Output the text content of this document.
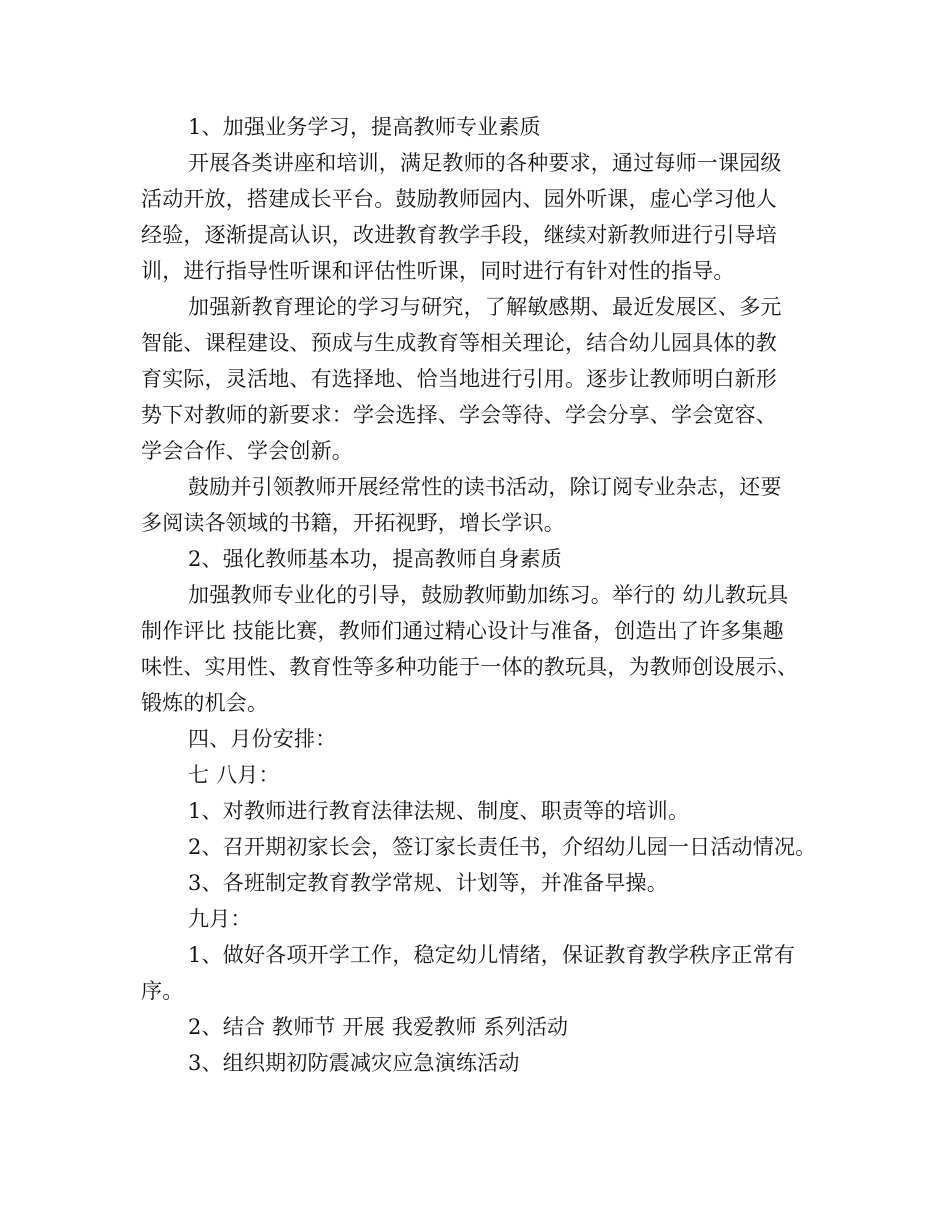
1、加强业务学习，提高教师专业素质
开展各类讲座和培训，满足教师的各种要求，通过每师一课园级
活动开放，搭建成长平台。鼓励教师园内、园外听课，虚心学习他人
经验，逐渐提高认识，改进教育教学手段，继续对新教师进行引导培
训，进行指导性听课和评估性听课，同时进行有针对性的指导。
加强新教育理论的学习与研究，了解敏感期、最近发展区、多元
智能、课程建设、预成与生成教育等相关理论，结合幼儿园具体的教
育实际，灵活地、有选择地、恰当地进行引用。逐步让教师明白新形
势下对教师的新要求：学会选择、学会等待、学会分享、学会宽容、
学会合作、学会创新。
鼓励并引领教师开展经常性的读书活动，除订阅专业杂志，还要
多阅读各领域的书籍，开拓视野，增长学识。
2、强化教师基本功，提高教师自身素质
加强教师专业化的引导，鼓励教师勤加练习。举行的 幼儿教玩具
制作评比 技能比赛，教师们通过精心设计与准备，创造出了许多集趣
味性、实用性、教育性等多种功能于一体的教玩具，为教师创设展示、
锻炼的机会。
四、月份安排：
七 八月：
1、对教师进行教育法律法规、制度、职责等的培训。
2、召开期初家长会，签订家长责任书，介绍幼儿园一日活动情况。
3、各班制定教育教学常规、计划等，并准备早操。
九月：
1、做好各项开学工作，稳定幼儿情绪，保证教育教学秩序正常有
序。
2、结合 教师节 开展 我爱教师 系列活动
3、组织期初防震减灾应急演练活动
